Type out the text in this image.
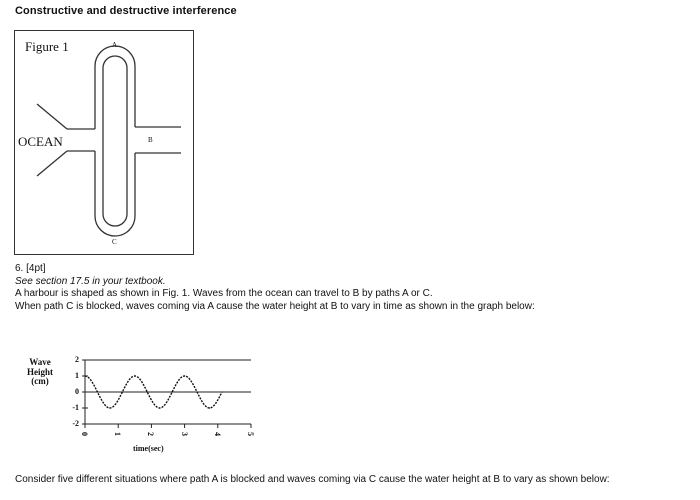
Constructive and destructive interference
Figure 1
OCEAN
A
B
C

6. [4pt]

See section 17.5 in your textbook.

A harbour is shaped as shown in Fig. 1. Waves from the ocean can travel to B by paths A or C.

When path C is blocked, waves coming via A cause the water height at B to vary in time as shown in the graph below:

Wave
Height
(cm)
2
1
0
-1
-2
0	1	2	3	4	5
time(sec)
Consider five different situations where path A is blocked and waves coming via C cause the water height at B to vary as shown below:
